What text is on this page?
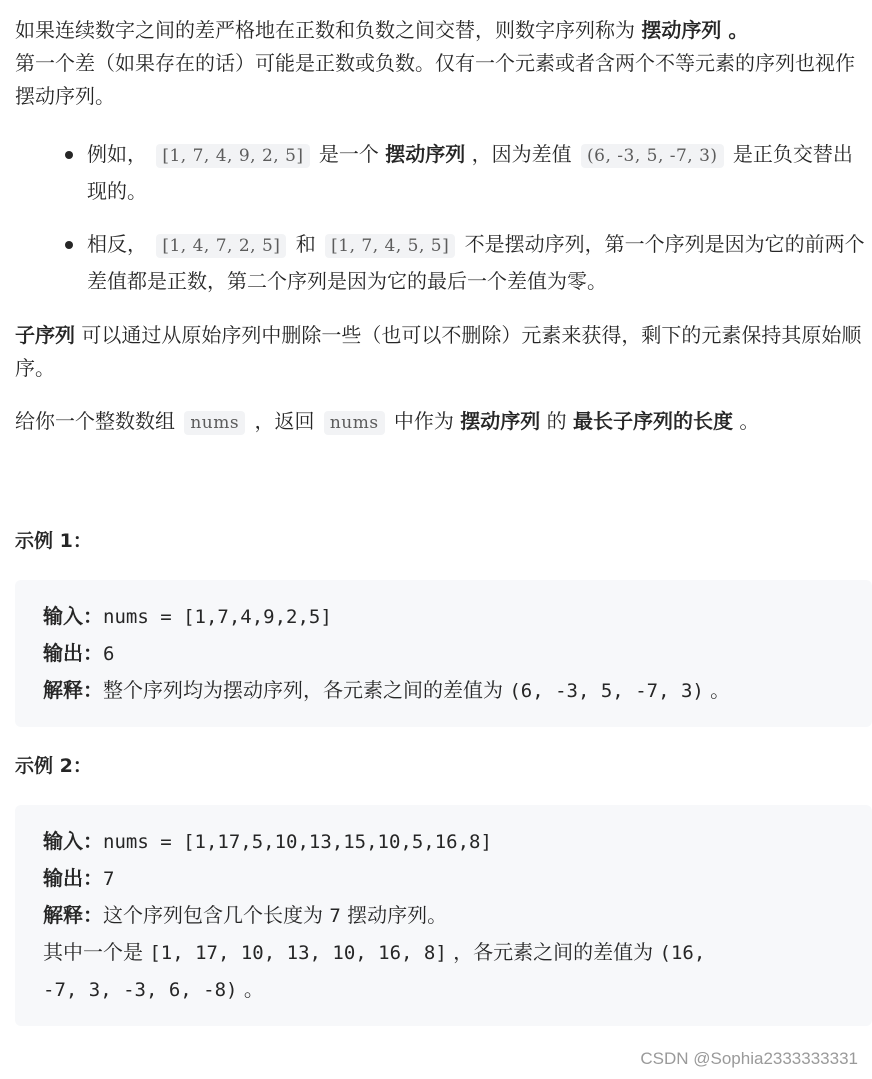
如果连续数字之间的差严格地在正数和负数之间交替，则数字序列称为 摆动序列 。
第一个差（如果存在的话）可能是正数或负数。仅有一个元素或者含两个不等元素的序列也视作摆动序列。

例如， [1, 7, 4, 9, 2, 5] 是一个 摆动序列 ，因为差值 (6, -3, 5, -7, 3) 是正负交替出现的。
相反， [1, 4, 7, 2, 5] 和 [1, 7, 4, 5, 5] 不是摆动序列，第一个序列是因为它的前两个差值都是正数，第二个序列是因为它的最后一个差值为零。

子序列 可以通过从原始序列中删除一些（也可以不删除）元素来获得，剩下的元素保持其原始顺序。

给你一个整数数组 nums ，返回 nums 中作为 摆动序列 的 最长子序列的长度 。

示例 1：
输入：nums = [1,7,4,9,2,5]
输出：6
解释：整个序列均为摆动序列，各元素之间的差值为 (6, -3, 5, -7, 3) 。
示例 2：
输入：nums = [1,17,5,10,13,15,10,5,16,8]
输出：7
解释：这个序列包含几个长度为 7 摆动序列。
其中一个是 [1, 17, 10, 13, 10, 16, 8] ，各元素之间的差值为 (16,
-7, 3, -3, 6, -8) 。
CSDN @Sophia2333333331
